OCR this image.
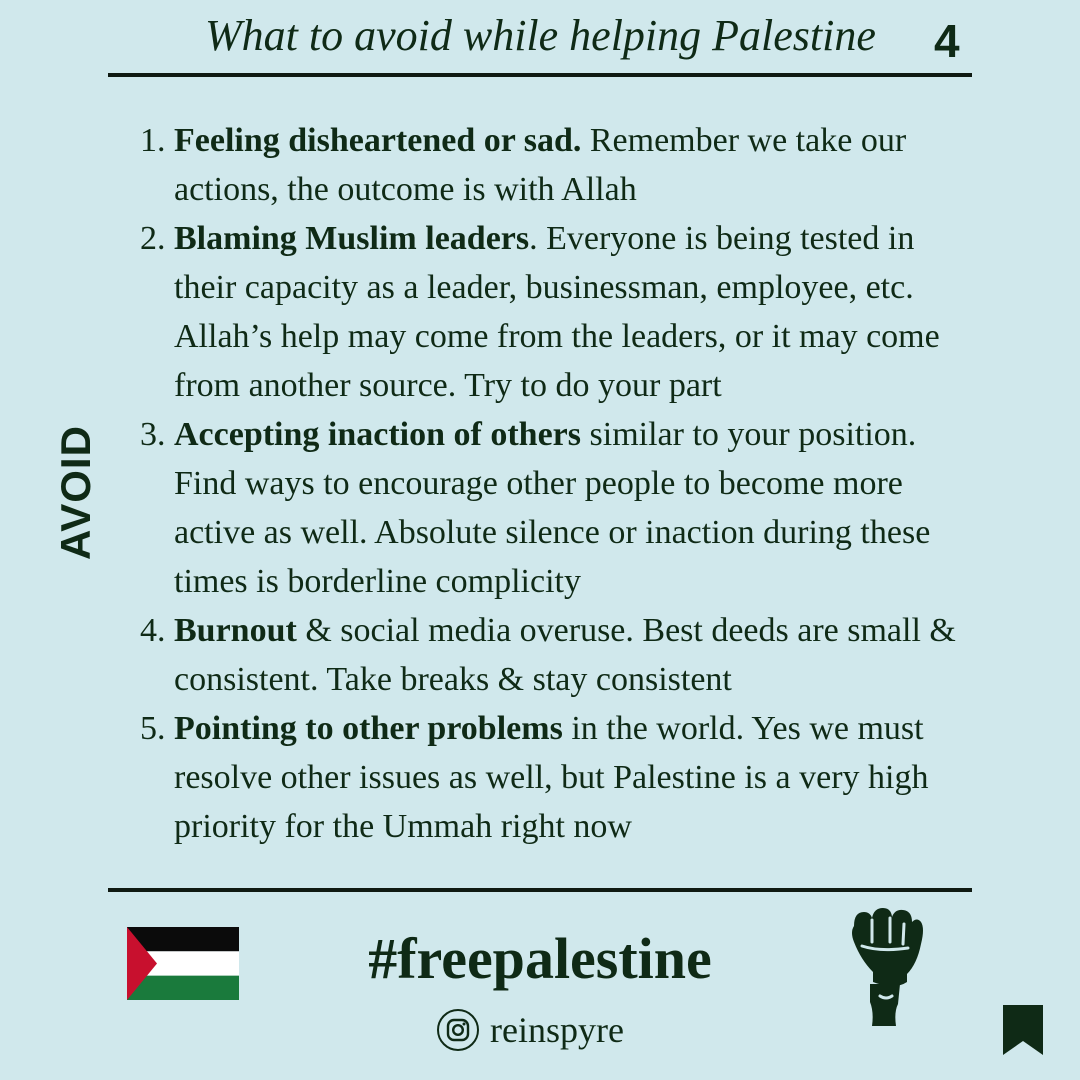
What to avoid while helping Palestine 4
AVOID
1. Feeling disheartened or sad. Remember we take our actions, the outcome is with Allah
2. Blaming Muslim leaders. Everyone is being tested in their capacity as a leader, businessman, employee, etc. Allah’s help may come from the leaders, or it may come from another source. Try to do your part
3. Accepting inaction of others similar to your position. Find ways to encourage other people to become more active as well. Absolute silence or inaction during these times is borderline complicity
4. Burnout & social media overuse. Best deeds are small & consistent. Take breaks & stay consistent
5. Pointing to other problems in the world. Yes we must resolve other issues as well, but Palestine is a very high priority for the Ummah right now
#freepalestine
reinspyre
